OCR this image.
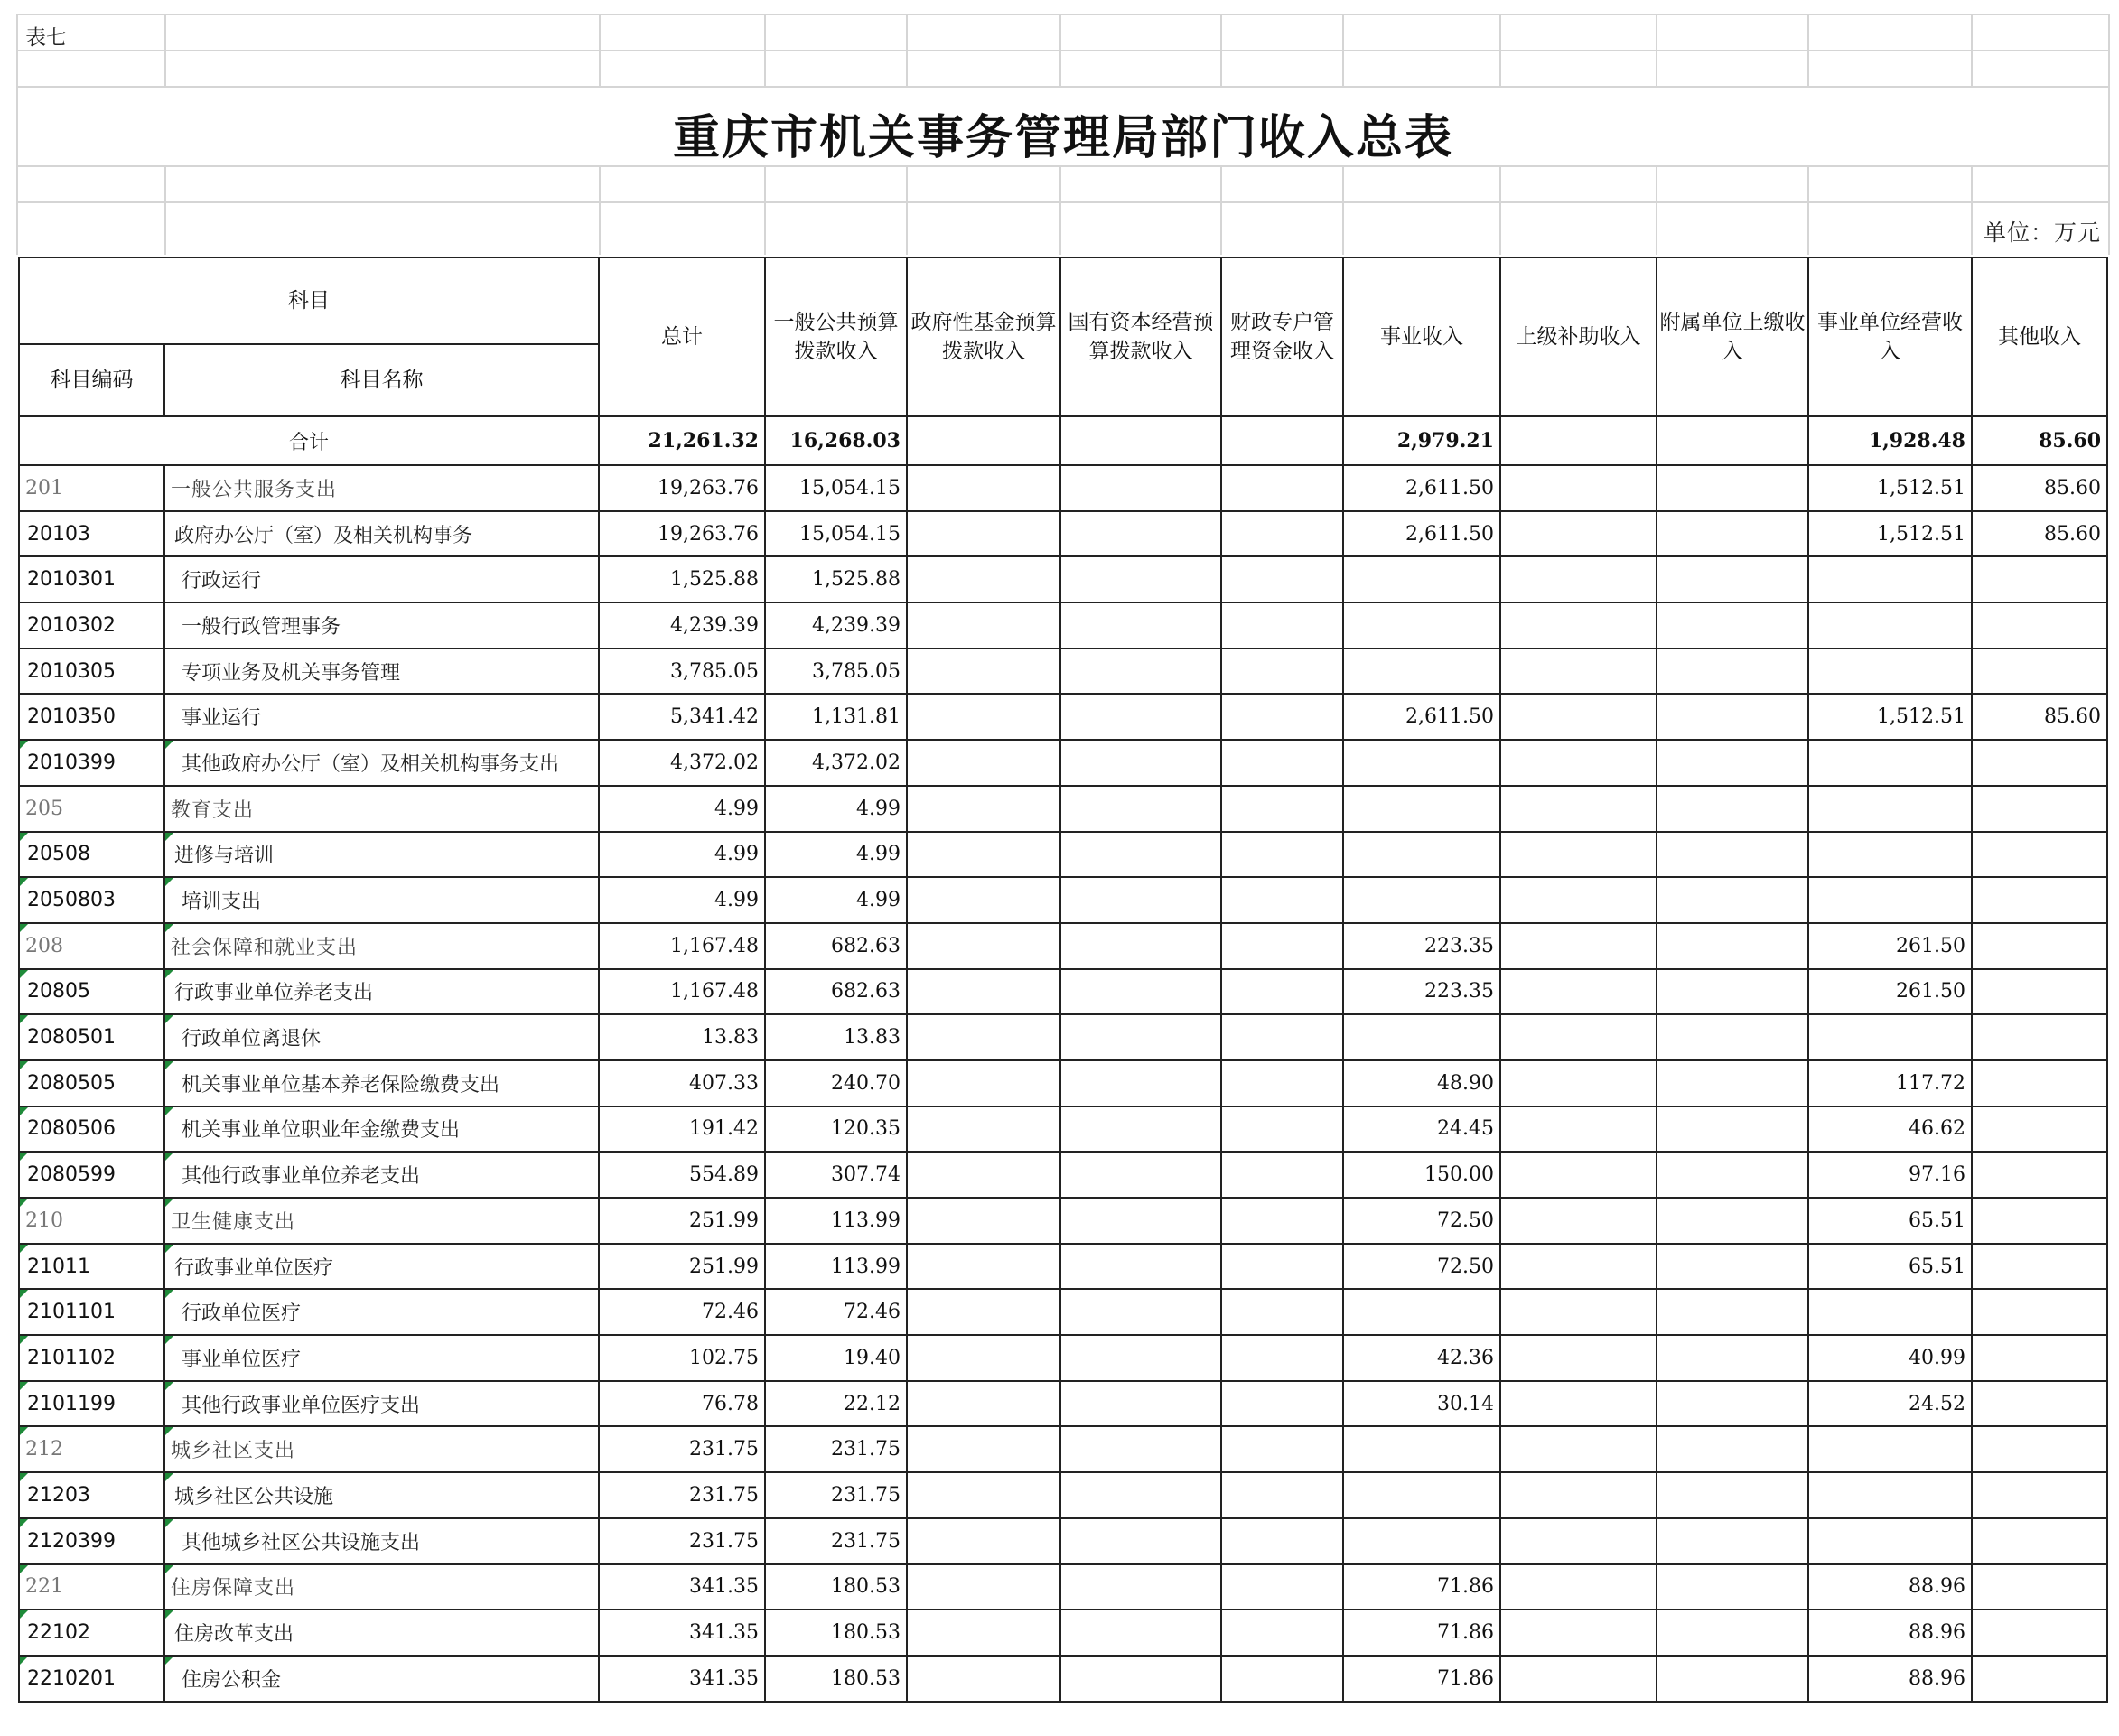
表七
重庆市机关事务管理局部门收入总表
单位：万元
科目		总计	一般公共预算拨款收入	政府性基金预算拨款收入	国有资本经营预算拨款收入	财政专户管理资金收入	事业收入	上级补助收入	附属单位上缴收入	事业单位经营收入	其他收入
科目编码	科目名称										
合计		21,261.32	16,268.03				2,979.21			1,928.48	85.60
201	一般公共服务支出	19,263.76	15,054.15				2,611.50			1,512.51	85.60
20103	政府办公厅（室）及相关机构事务	19,263.76	15,054.15				2,611.50			1,512.51	85.60
2010301	行政运行	1,525.88	1,525.88								
2010302	一般行政管理事务	4,239.39	4,239.39								
2010305	专项业务及机关事务管理	3,785.05	3,785.05								
2010350	事业运行	5,341.42	1,131.81				2,611.50			1,512.51	85.60
2010399	其他政府办公厅（室）及相关机构事务支出	4,372.02	4,372.02								
205	教育支出	4.99	4.99								
20508	进修与培训	4.99	4.99								
2050803	培训支出	4.99	4.99								
208	社会保障和就业支出	1,167.48	682.63				223.35			261.50	
20805	行政事业单位养老支出	1,167.48	682.63				223.35			261.50	
2080501	行政单位离退休	13.83	13.83								
2080505	机关事业单位基本养老保险缴费支出	407.33	240.70				48.90			117.72	
2080506	机关事业单位职业年金缴费支出	191.42	120.35				24.45			46.62	
2080599	其他行政事业单位养老支出	554.89	307.74				150.00			97.16	
210	卫生健康支出	251.99	113.99				72.50			65.51	
21011	行政事业单位医疗	251.99	113.99				72.50			65.51	
2101101	行政单位医疗	72.46	72.46								
2101102	事业单位医疗	102.75	19.40				42.36			40.99	
2101199	其他行政事业单位医疗支出	76.78	22.12				30.14			24.52	
212	城乡社区支出	231.75	231.75								
21203	城乡社区公共设施	231.75	231.75								
2120399	其他城乡社区公共设施支出	231.75	231.75								
221	住房保障支出	341.35	180.53				71.86			88.96	
22102	住房改革支出	341.35	180.53				71.86			88.96	
2210201	住房公积金	341.35	180.53				71.86			88.96	
